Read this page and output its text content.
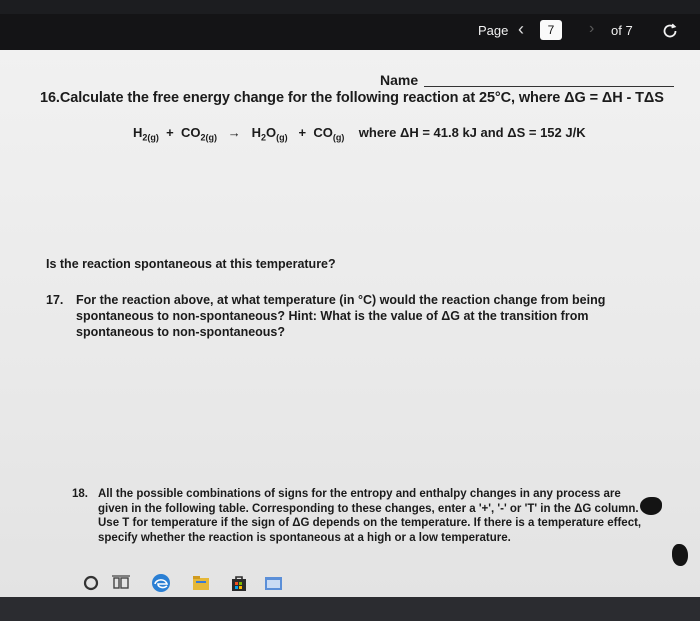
Page ‹	7	› of 7
Name
16.Calculate the free energy change for the following reaction at 25°C, where ΔG = ΔH - TΔS
$H_{2(g)} + CO_{2(g)} \to H_2O_{(g)} + CO_{(g)}$ where ΔH = 41.8 kJ and ΔS = 152 J/K
Is the reaction spontaneous at this temperature?
17. For the reaction above, at what temperature (in °C) would the reaction change from being spontaneous to non-spontaneous? Hint: What is the value of ΔG at the transition from spontaneous to non-spontaneous?
18. All the possible combinations of signs for the entropy and enthalpy changes in any process are given in the following table. Corresponding to these changes, enter a '+', '-' or 'T' in the ΔG column. Use T for temperature if the sign of ΔG depends on the temperature. If there is a temperature effect, specify whether the reaction is spontaneous at a high or a low temperature.
